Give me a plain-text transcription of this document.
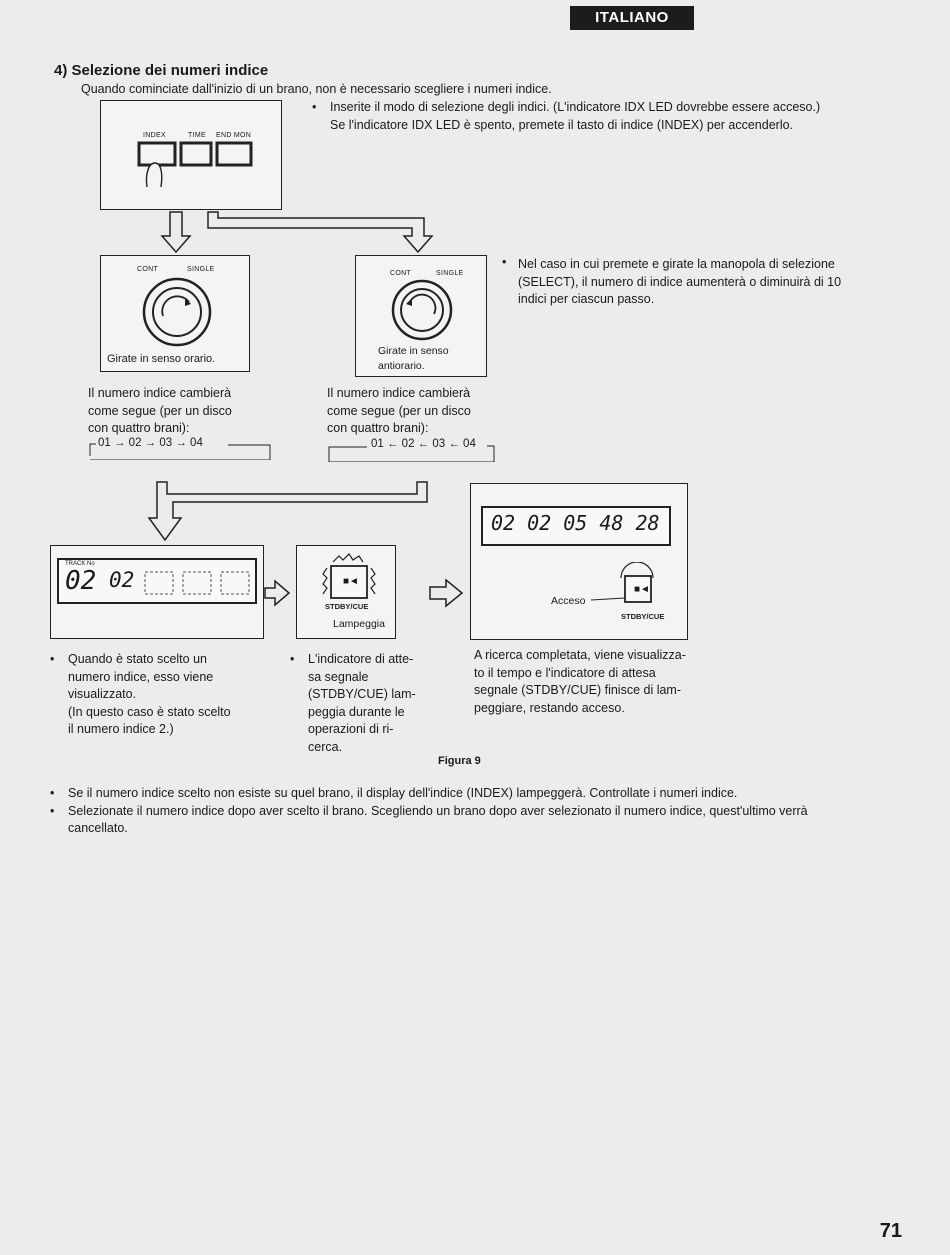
ITALIANO
4) Selezione dei numeri indice
Quando cominciate dall'inizio di un brano, non è necessario scegliere i numeri indice.
•	Inserite il modo di selezione degli indici. (L'indicatore IDX LED dovrebbe essere acceso.)
Se l'indicatore IDX LED è spento, premete il tasto di indice (INDEX) per accenderlo.
INDEX	TIME END MON
CONT	SINGLE
Girate in senso orario.
CONT	SINGLE
Girate in senso
antiorario.
• Nel caso in cui premete e girate la manopola di selezione
(SELECT), il numero di indice aumenterà o diminuirà di 10
indici per ciascun passo.
Il numero indice cambierà
come segue (per un disco
con quattro brani):
01 → 02 → 03 → 04
Il numero indice cambierà
come segue (per un disco
con quattro brani):
01 ← 02 ← 03 ← 04
TRACK No
02 02	■◄
STDBY/CUE
Lampeggia
02 02 05 48 28
■◄
Acceso
STDBY/CUE
•	Quando è stato scelto un
numero indice, esso viene
visualizzato.
(In questo caso è stato scelto
il numero indice 2.)
•	L'indicatore di atte-
sa segnale
(STDBY/CUE) lam-
peggia durante le
operazioni di ri-
cerca.
A ricerca completata, viene visualizza-
to il tempo e l'indicatore di attesa
segnale (STDBY/CUE) finisce di lam-
peggiare, restando acceso.
Figura 9
• Se il numero indice scelto non esiste su quel brano, il display dell'indice (INDEX) lampeggerà. Controllate i numeri indice.
• Selezionate il numero indice dopo aver scelto il brano. Scegliendo un brano dopo aver selezionato il numero indice, quest'ultimo verrà
cancellato.
71
